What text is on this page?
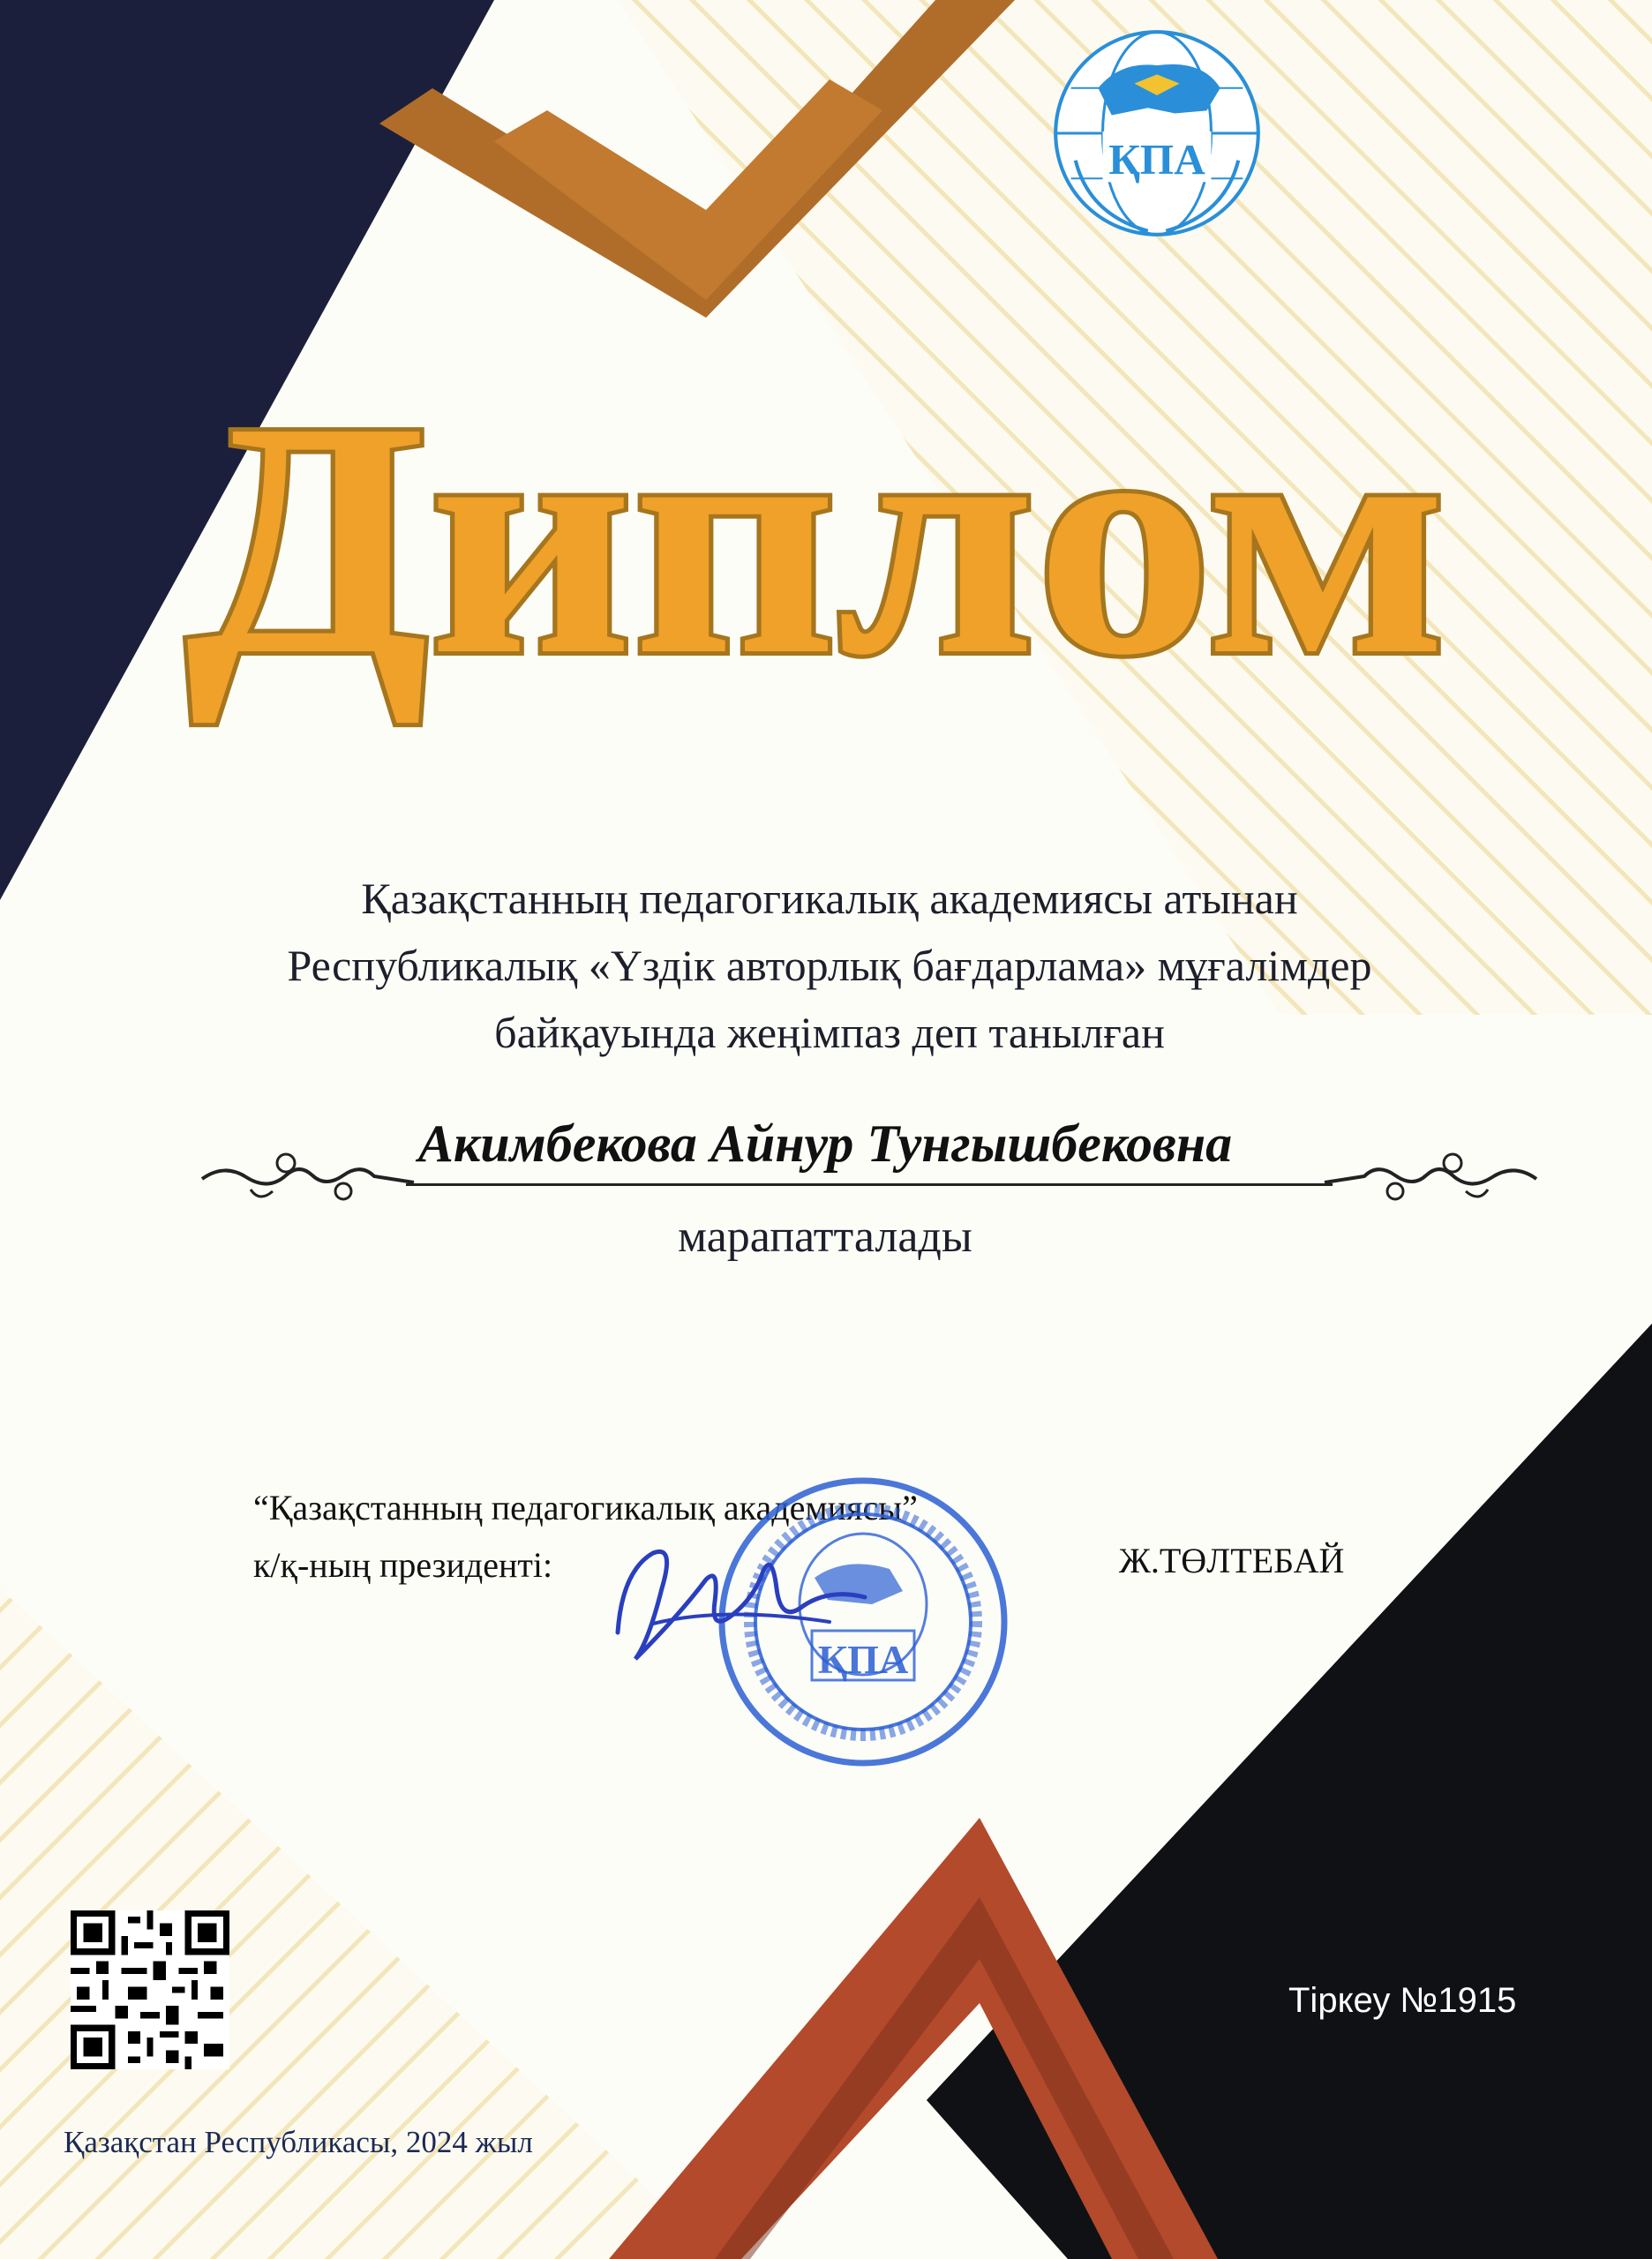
ҚПА
Диплом
Қазақстанның педагогикалық академиясы атынан
Республикалық «Үздік авторлық бағдарлама» мұғалімдер
байқауында жеңімпаз деп танылған
Акимбекова Айнур Тунгышбековна
марапатталады
“Қазақстанның педагогикалық академиясы”
к/қ-ның президенті:	Ж.ТӨЛТЕБАЙ
ҚПА
Тіркеу №1915
Қазақстан Республикасы, 2024 жыл
